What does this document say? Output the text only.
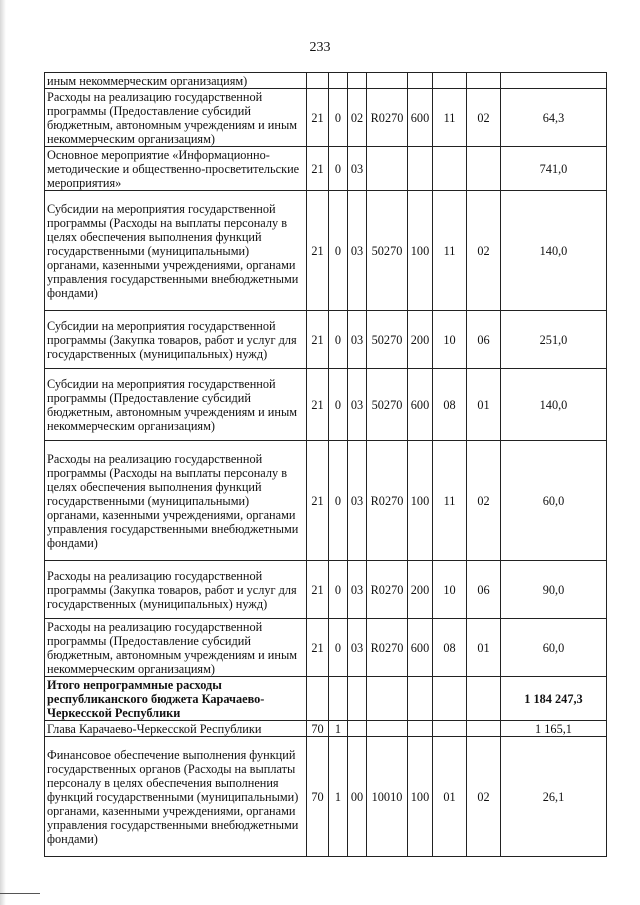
233
иным некоммерческим организациям)								
Расходы на реализацию государственной программы (Предоставление субсидий бюджетным, автономным учреждениям и иным некоммерческим организациям)	21	0	02	R0270	600	11	02	64,3
Основное мероприятие «Информационно-методические и общественно-просветительские мероприятия»	21	0	03					741,0
Субсидии на мероприятия государственной программы (Расходы на выплаты персоналу в целях обеспечения выполнения функций государственными (муниципальными) органами, казенными учреждениями, органами управления государственными внебюджетными фондами)	21	0	03	50270	100	11	02	140,0
Субсидии на мероприятия государственной программы (Закупка товаров, работ и услуг для государственных (муниципальных) нужд)	21	0	03	50270	200	10	06	251,0
Субсидии на мероприятия государственной программы (Предоставление субсидий бюджетным, автономным учреждениям и иным некоммерческим организациям)	21	0	03	50270	600	08	01	140,0
Расходы на реализацию государственной программы (Расходы на выплаты персоналу в целях обеспечения выполнения функций государственными (муниципальными) органами, казенными учреждениями, органами управления государственными внебюджетными фондами)	21	0	03	R0270	100	11	02	60,0
Расходы на реализацию государственной программы (Закупка товаров, работ и услуг для государственных (муниципальных) нужд)	21	0	03	R0270	200	10	06	90,0
Расходы на реализацию государственной программы (Предоставление субсидий бюджетным, автономным учреждениям и иным некоммерческим организациям)	21	0	03	R0270	600	08	01	60,0
Итого непрограммные расходы республиканского бюджета Карачаево-Черкесской Республики								1 184 247,3
Глава Карачаево-Черкесской Республики	70	1						1 165,1
Финансовое обеспечение выполнения функций государственных органов (Расходы на выплаты персоналу в целях обеспечения выполнения функций государственными (муниципальными) органами, казенными учреждениями, органами управления государственными внебюджетными фондами)	70	1	00	10010	100	01	02	26,1
